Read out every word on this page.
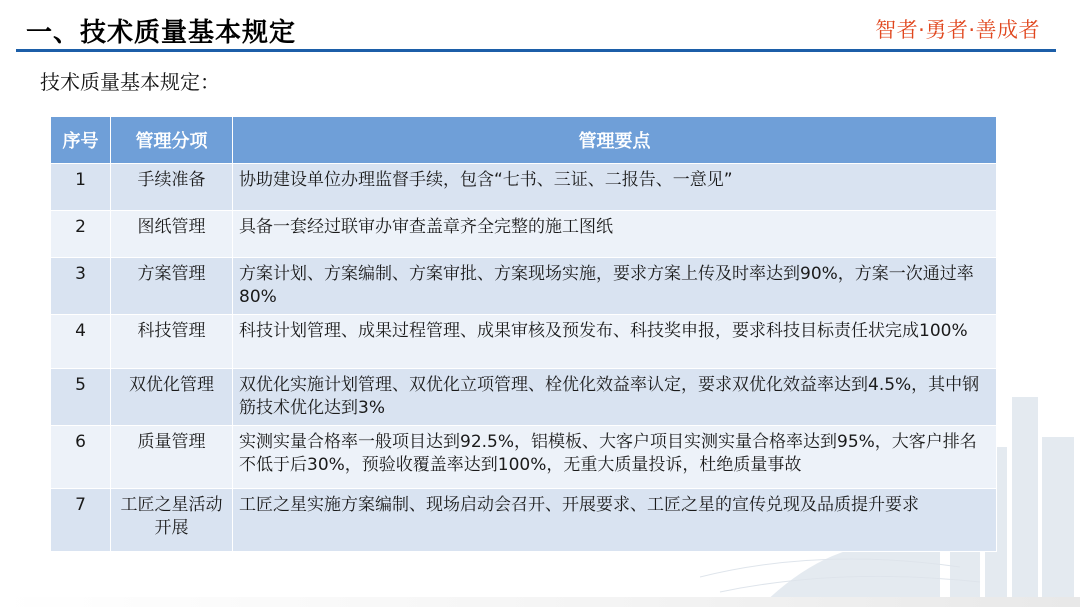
一、技术质量基本规定	智者·勇者·善成者
技术质量基本规定：
序号	管理分项	管理要点
1	手续准备	协助建设单位办理监督手续，包含“七书、三证、二报告、一意见”
2	图纸管理	具备一套经过联审办审查盖章齐全完整的施工图纸
3	方案管理	方案计划、方案编制、方案审批、方案现场实施，要求方案上传及时率达到90%，方案一次通过率80%
4	科技管理	科技计划管理、成果过程管理、成果审核及预发布、科技奖申报，要求科技目标责任状完成100%
5	双优化管理	双优化实施计划管理、双优化立项管理、栓优化效益率认定，要求双优化效益率达到4.5%，其中钢筋技术优化达到3%
6	质量管理	实测实量合格率一般项目达到92.5%，铝模板、大客户项目实测实量合格率达到95%，大客户排名不低于后30%，预验收覆盖率达到100%，无重大质量投诉，杜绝质量事故
7	工匠之星活动开展	工匠之星实施方案编制、现场启动会召开、开展要求、工匠之星的宣传兑现及品质提升要求
